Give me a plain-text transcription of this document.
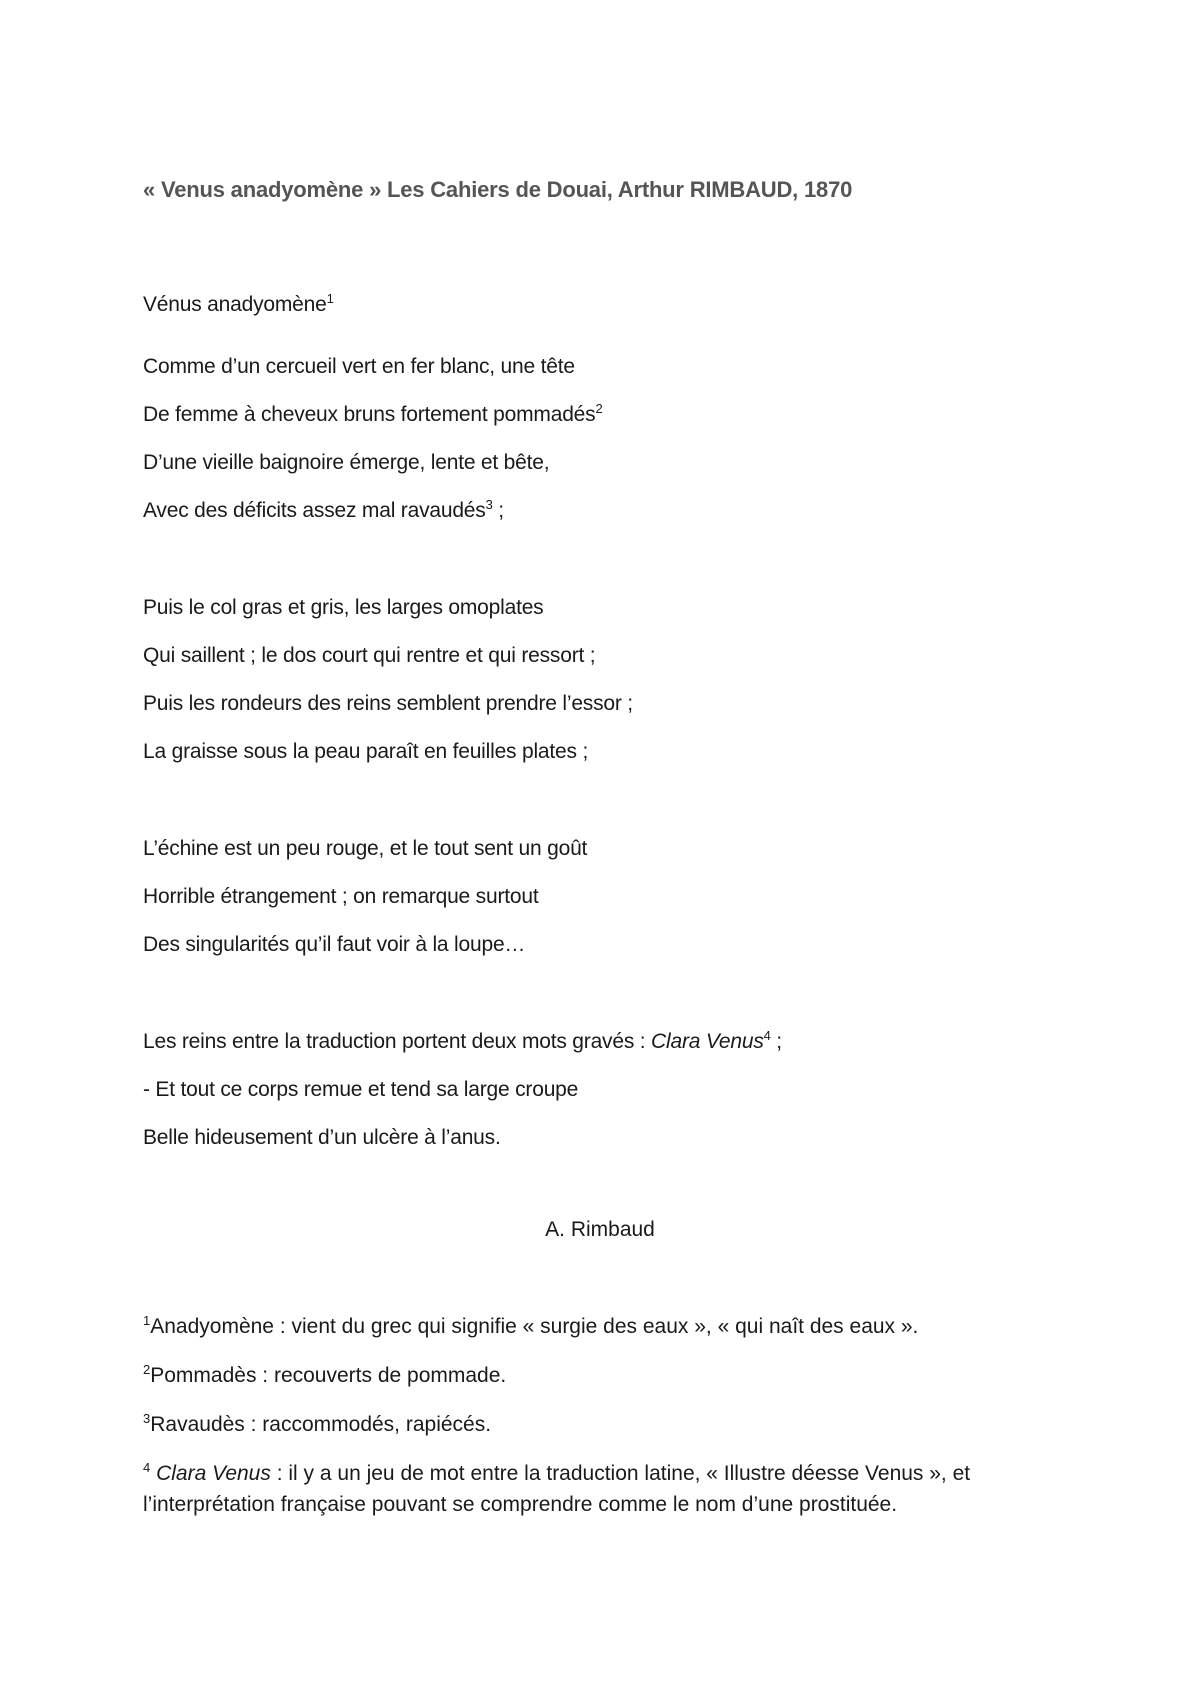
« Venus anadyomène » Les Cahiers de Douai, Arthur RIMBAUD, 1870
Vénus anadyomène$^1$
Comme d’un cercueil vert en fer blanc, une tête
De femme à cheveux bruns fortement pommadés$^2$
D’une vieille baignoire émerge, lente et bête,
Avec des déficits assez mal ravaudés$^3$ ;
Puis le col gras et gris, les larges omoplates
Qui saillent ; le dos court qui rentre et qui ressort ;
Puis les rondeurs des reins semblent prendre l’essor ;
La graisse sous la peau paraît en feuilles plates ;
L’échine est un peu rouge, et le tout sent un goût
Horrible étrangement ; on remarque surtout
Des singularités qu’il faut voir à la loupe…
Les reins entre la traduction portent deux mots gravés : Clara Venus$^4$ ;
- Et tout ce corps remue et tend sa large croupe
Belle hideusement d’un ulcère à l’anus.
A. Rimbaud
$^1$Anadyomène : vient du grec qui signifie « surgie des eaux », « qui naît des eaux ».
$^2$Pommadès : recouverts de pommade.
$^3$Ravaudès : raccommodés, rapiécés.
$^4$ Clara Venus : il y a un jeu de mot entre la traduction latine, « Illustre déesse Venus », et l’interprétation française pouvant se comprendre comme le nom d’une prostituée.
